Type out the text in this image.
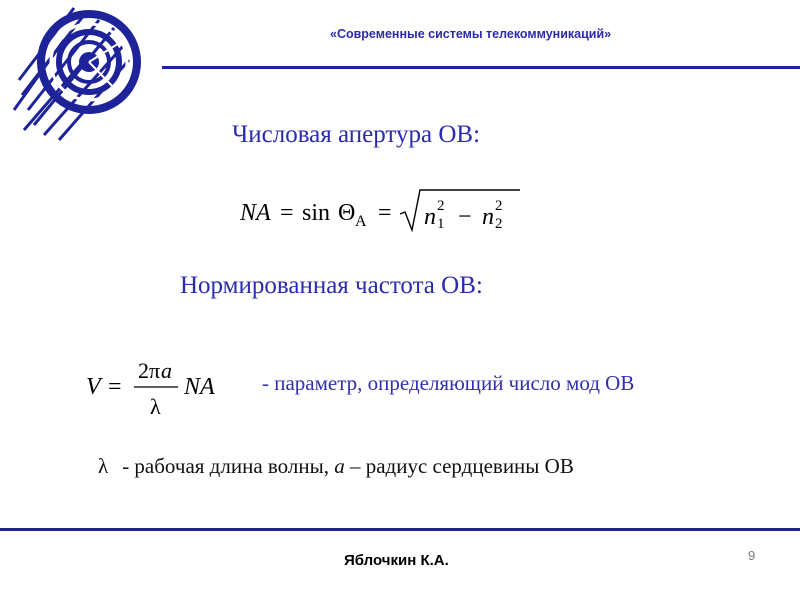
«Современные системы телекоммуникаций»
Числовая апертура ОВ:
NA = sin Θ A = n 2
1 − n 2
2
Нормированная частота ОВ:
V =
2π a
λ
NA - параметр, определяющий число мод ОВ
λ - рабочая длина волны, а – радиус сердцевины ОВ
Яблочкин К.А.	9
